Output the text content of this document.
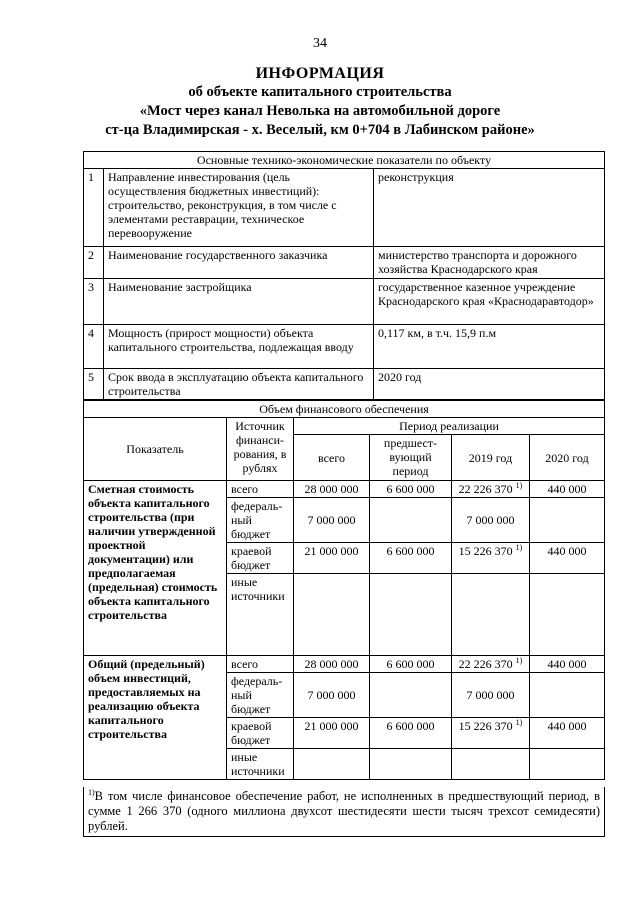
34
ИНФОРМАЦИЯ
об объекте капитального строительства
«Мост через канал Неволька на автомобильной дороге
ст-ца Владимирская - х. Веселый, км 0+704 в Лабинском районе»
Основные технико-экономические показатели по объекту		
1	Направление инвестирования (цель осуществления бюджетных инвестиций): строительство, реконструкция, в том числе с элементами реставрации, техническое перевооружение	реконструкция
2	Наименование государственного заказчика	министерство транспорта и дорожного хозяйства Краснодарского края
3	Наименование застройщика	государственное казенное учреждение Краснодарского края «Краснодаравтодор»
4	Мощность (прирост мощности) объекта капитального строительства, подлежащая вводу	0,117 км, в т.ч. 15,9 п.м
5	Срок ввода в эксплуатацию объекта капитального строительства	2020 год
Объем финансового обеспечения					
Показатель	Источник финанси-рования, в рублях	Период реализации			
		всего	предшест-вующий период	2019 год	2020 год
Сметная стоимость объекта капитального строительства (при наличии утвержденной проектной документации) или предполагаемая (предельная) стоимость объекта капитального строительства	всего	28 000 000	6 600 000	22 226 370 $^{1)}$	440 000
	федераль-ный бюджет	7 000 000		7 000 000	
	краевой бюджет	21 000 000	6 600 000	15 226 370 $^{1)}$	440 000
	иные источники				
Общий (предельный) объем инвестиций, предоставляемых на реализацию объекта капитального строительства	всего	28 000 000	6 600 000	22 226 370 $^{1)}$	440 000
	федераль-ный бюджет	7 000 000		7 000 000	
	краевой бюджет	21 000 000	6 600 000	15 226 370 $^{1)}$	440 000
	иные источники				
$^{1)}$В том числе финансовое обеспечение работ, не исполненных в предшествующий период, в сумме 1 266 370 (одного миллиона двухсот шестидесяти шести тысяч трехсот семидесяти) рублей.
